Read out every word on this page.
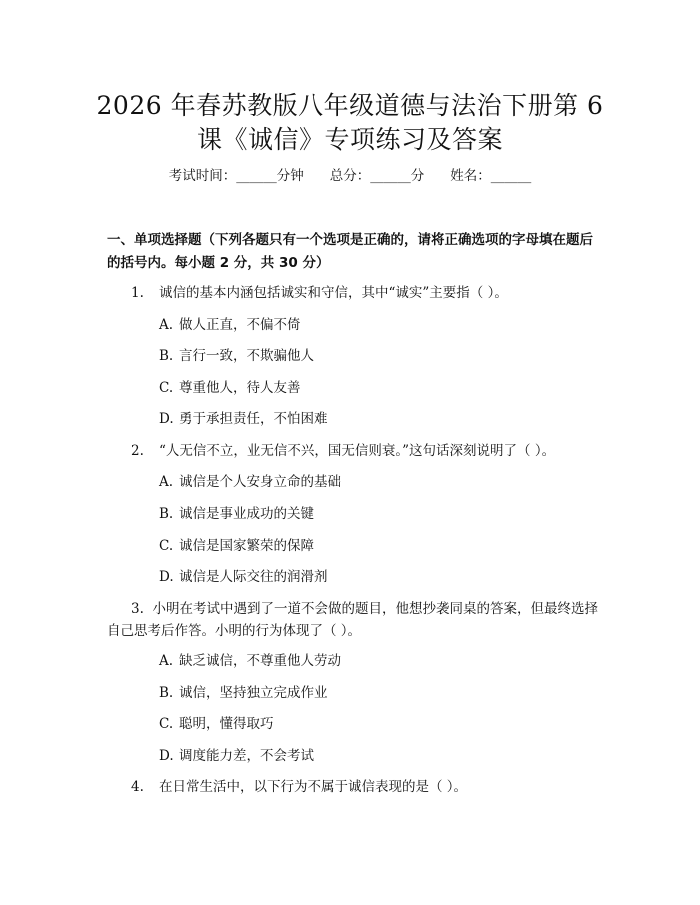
2026 年春苏教版八年级道德与法治下册第 6
课《诚信》专项练习及答案
考试时间：______分钟 总分：______分 姓名：______
一、单项选择题（下列各题只有一个选项是正确的，请将正确选项的字母填在题后的括号内。每小题 2 分，共 30 分）
1. 诚信的基本内涵包括诚实和守信，其中“诚实”主要指（ ）。
A. 做人正直，不偏不倚
B. 言行一致，不欺骗他人
C. 尊重他人，待人友善
D. 勇于承担责任，不怕困难
2. “人无信不立，业无信不兴，国无信则衰。”这句话深刻说明了（ ）。
A. 诚信是个人安身立命的基础
B. 诚信是事业成功的关键
C. 诚信是国家繁荣的保障
D. 诚信是人际交往的润滑剂
3. 小明在考试中遇到了一道不会做的题目，他想抄袭同桌的答案，但最终选择自己思考后作答。小明的行为体现了（ ）。
A. 缺乏诚信，不尊重他人劳动
B. 诚信，坚持独立完成作业
C. 聪明，懂得取巧
D. 调度能力差，不会考试
4. 在日常生活中，以下行为不属于诚信表现的是（ ）。
